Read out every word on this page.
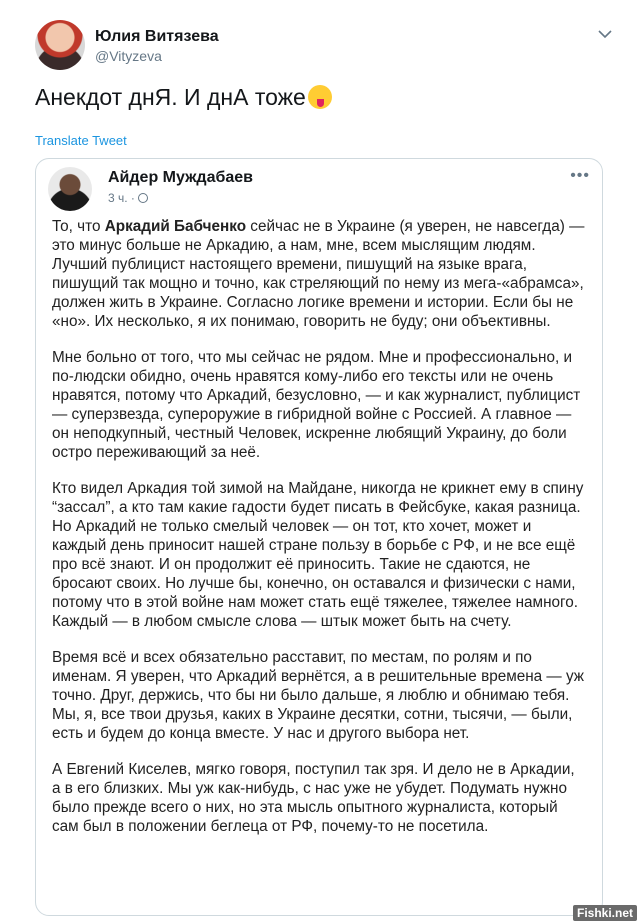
Юлия Витязева
@Vityzeva
Анекдот днЯ. И днА тоже
Translate Tweet
Айдер Муждабаев
3 ч. ·
•••

То, что Аркадий Бабченко сейчас не в Украине (я уверен, не навсегда) — это минус больше не Аркадию, а нам, мне, всем мыслящим людям. Лучший публицист настоящего времени, пишущий на языке врага, пишущий так мощно и точно, как стреляющий по нему из мега-«абрамса», должен жить в Украине. Согласно логике времени и истории. Если бы не «но». Их несколько, я их понимаю, говорить не буду; они объективны.

Мне больно от того, что мы сейчас не рядом. Мне и профессионально, и по-людски обидно, очень нравятся кому-либо его тексты или не очень нравятся, потому что Аркадий, безусловно, — и как журналист, публицист — суперзвезда, супероружие в гибридной войне с Россией. А главное — он неподкупный, честный Человек, искренне любящий Украину, до боли остро переживающий за неё.

Кто видел Аркадия той зимой на Майдане, никогда не крикнет ему в спину “зассал”, а кто там какие гадости будет писать в Фейсбуке, какая разница. Но Аркадий не только смелый человек — он тот, кто хочет, может и каждый день приносит нашей стране пользу в борьбе с РФ, и не все ещё про всё знают. И он продолжит её приносить. Такие не сдаются, не бросают своих. Но лучше бы, конечно, он оставался и физически с нами, потому что в этой войне нам может стать ещё тяжелее, тяжелее намного. Каждый — в любом смысле слова — штык может быть на счету.

Время всё и всех обязательно расставит, по местам, по ролям и по именам. Я уверен, что Аркадий вернётся, а в решительные времена — уж точно. Друг, держись, что бы ни было дальше, я люблю и обнимаю тебя. Мы, я, все твои друзья, каких в Украине десятки, сотни, тысячи, — были, есть и будем до конца вместе. У нас и другого выбора нет.

А Евгений Киселев, мягко говоря, поступил так зря. И дело не в Аркадии, а в его близких. Мы уж как-нибудь, с нас уже не убудет. Подумать нужно было прежде всего о них, но эта мысль опытного журналиста, который сам был в положении беглеца от РФ, почему-то не посетила.

Fishki.net
